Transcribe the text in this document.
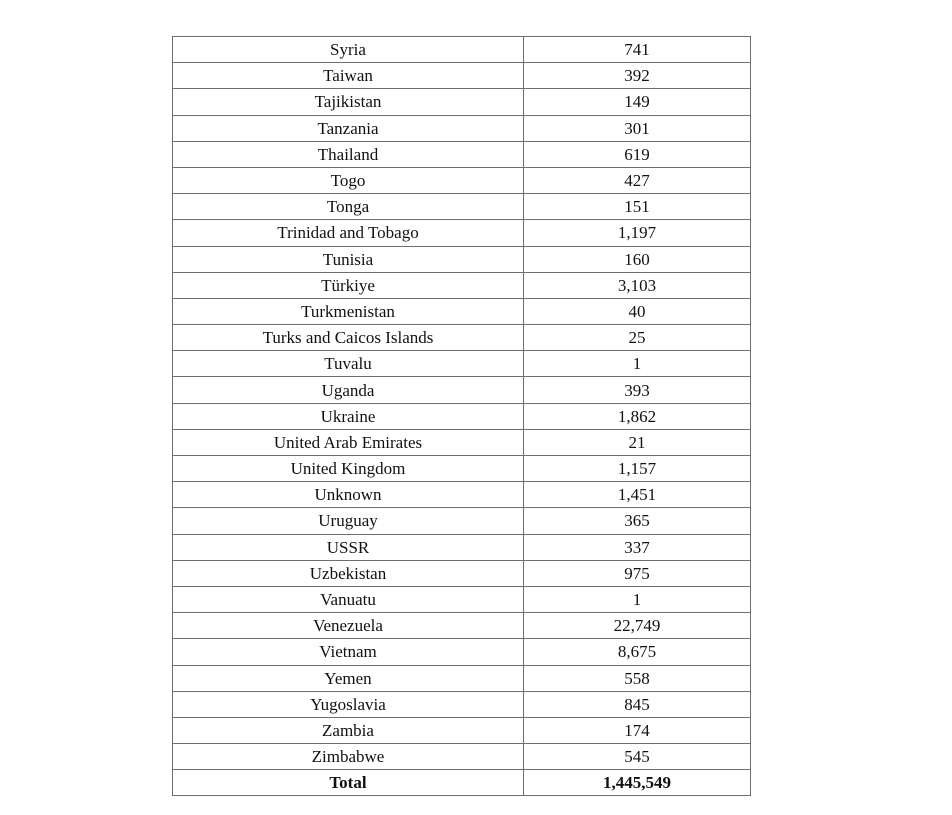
Syria	741
Taiwan	392
Tajikistan	149
Tanzania	301
Thailand	619
Togo	427
Tonga	151
Trinidad and Tobago	1,197
Tunisia	160
Türkiye	3,103
Turkmenistan	40
Turks and Caicos Islands	25
Tuvalu	1
Uganda	393
Ukraine	1,862
United Arab Emirates	21
United Kingdom	1,157
Unknown	1,451
Uruguay	365
USSR	337
Uzbekistan	975
Vanuatu	1
Venezuela	22,749
Vietnam	8,675
Yemen	558
Yugoslavia	845
Zambia	174
Zimbabwe	545
Total	1,445,549
